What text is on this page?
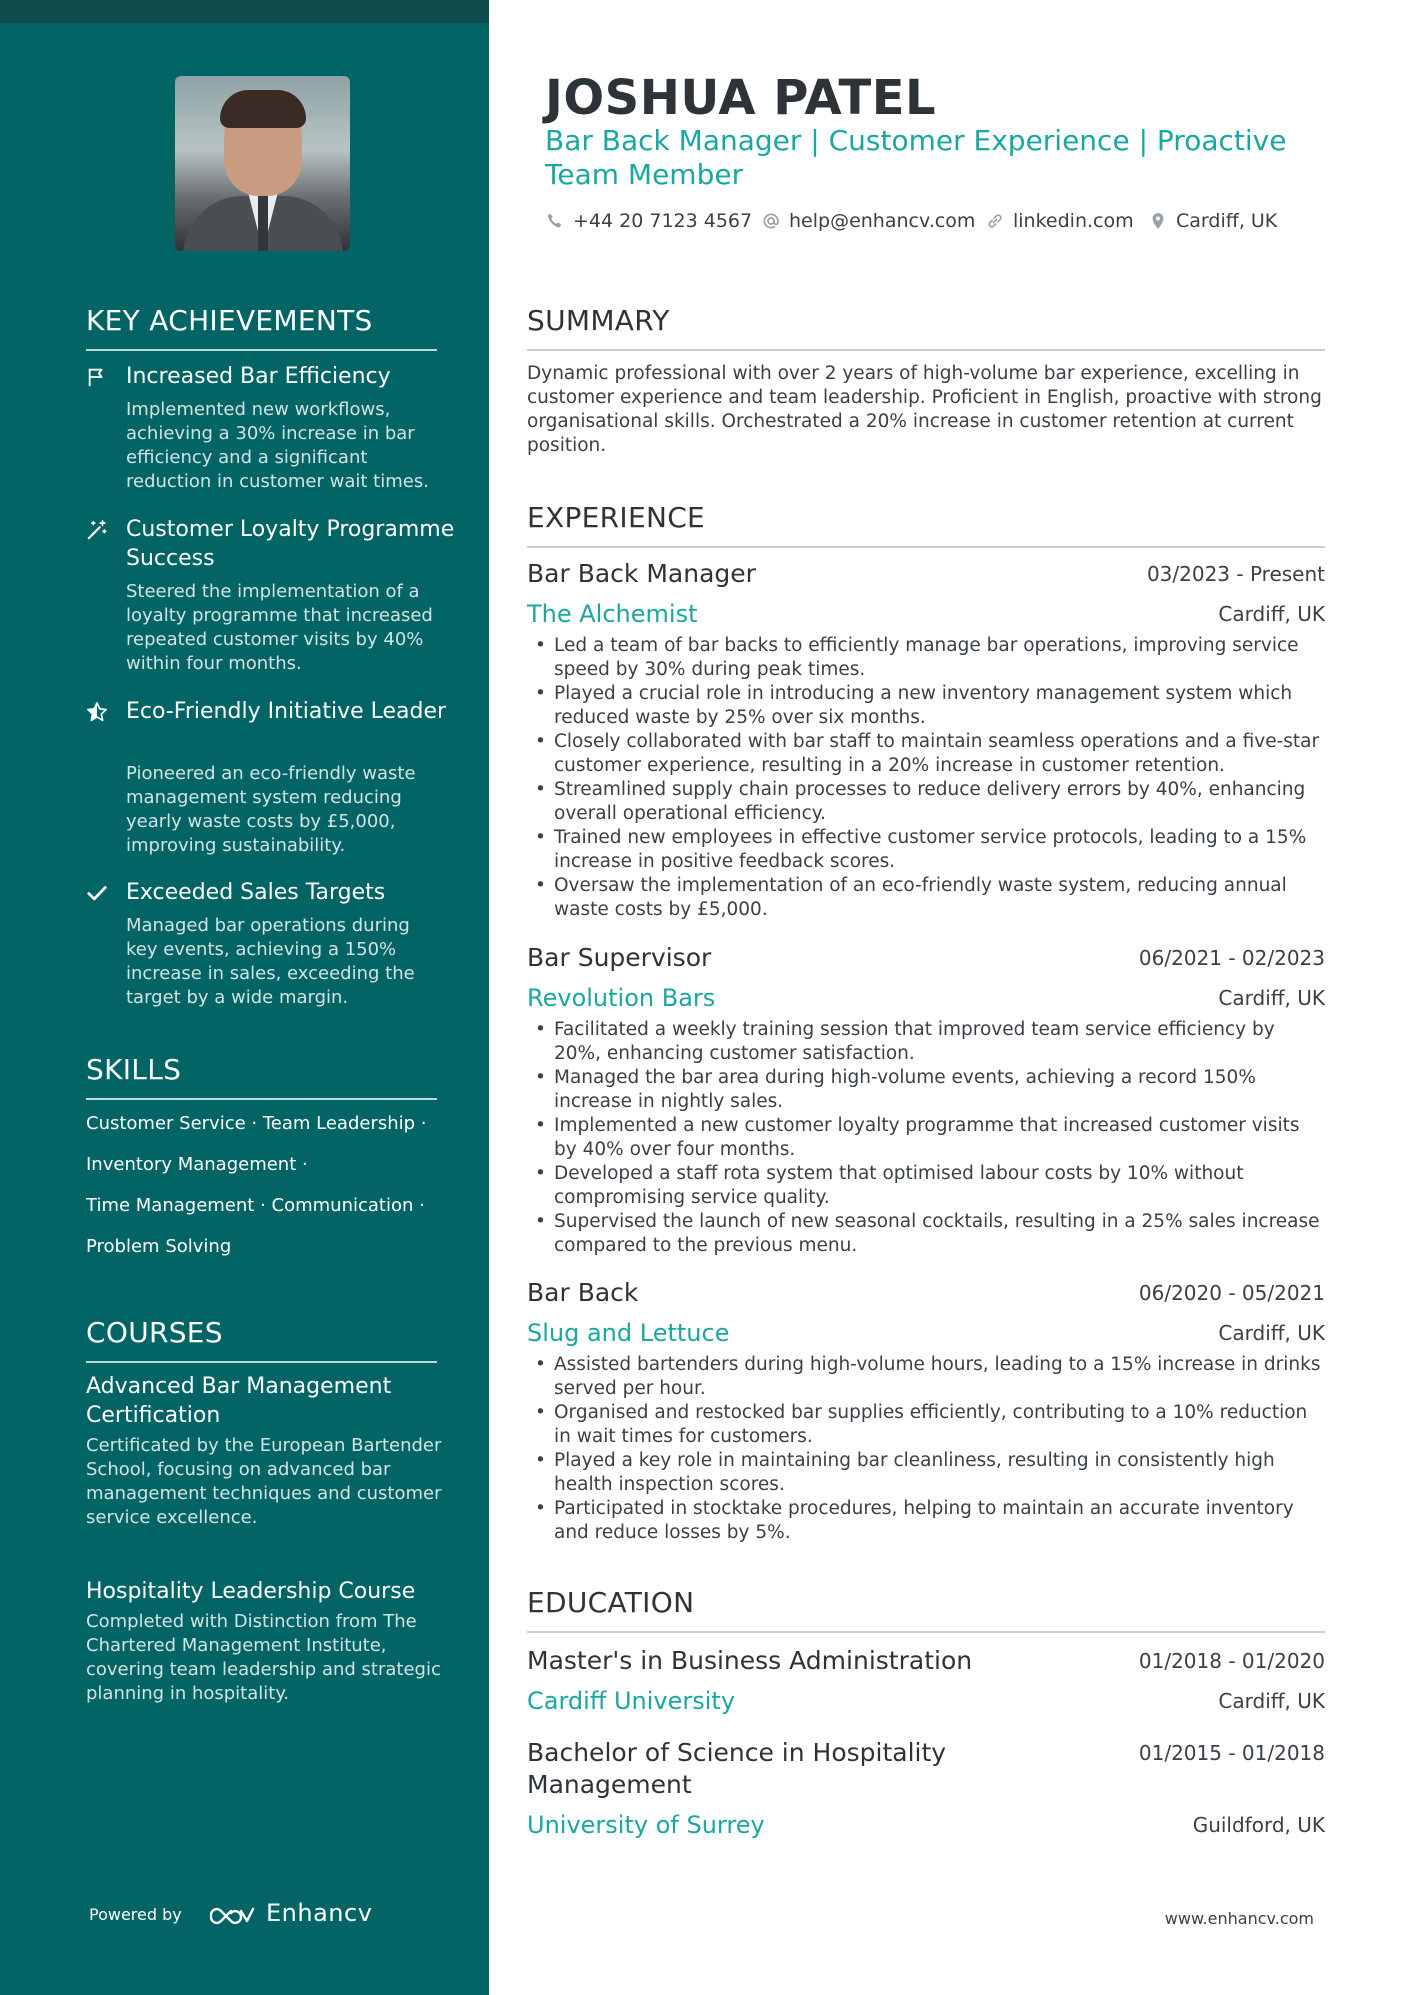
KEY ACHIEVEMENTS
Increased Bar Efficiency
Implemented new workflows, achieving a 30% increase in bar efficiency and a significant reduction in customer wait times.
Customer Loyalty Programme Success
Steered the implementation of a loyalty programme that increased repeated customer visits by 40% within four months.
Eco-Friendly Initiative Leader
Pioneered an eco-friendly waste management system reducing yearly waste costs by £5,000, improving sustainability.
Exceeded Sales Targets
Managed bar operations during key events, achieving a 150% increase in sales, exceeding the target by a wide margin.
SKILLS
Customer Service · Team Leadership ·
Inventory Management ·
Time Management · Communication ·
Problem Solving
COURSES
Advanced Bar Management Certification
Certificated by the European Bartender School, focusing on advanced bar management techniques and customer service excellence.
Hospitality Leadership Course
Completed with Distinction from The Chartered Management Institute, covering team leadership and strategic planning in hospitality.
Powered by	Enhancv
JOSHUA PATEL
Bar Back Manager | Customer Experience | Proactive Team Member
+44 20 7123 4567 help@enhancv.com linkedin.com Cardiff, UK
SUMMARY

Dynamic professional with over 2 years of high-volume bar experience, excelling in customer experience and team leadership. Proficient in English, proactive with strong organisational skills. Orchestrated a 20% increase in customer retention at current position.

EXPERIENCE
Bar Back Manager	03/2023 - Present
The Alchemist	Cardiff, UK
• Led a team of bar backs to efficiently manage bar operations, improving service speed by 30% during peak times.
• Played a crucial role in introducing a new inventory management system which reduced waste by 25% over six months.
• Closely collaborated with bar staff to maintain seamless operations and a five-star customer experience, resulting in a 20% increase in customer retention.
• Streamlined supply chain processes to reduce delivery errors by 40%, enhancing overall operational efficiency.
• Trained new employees in effective customer service protocols, leading to a 15% increase in positive feedback scores.
• Oversaw the implementation of an eco-friendly waste system, reducing annual waste costs by £5,000.
Bar Supervisor	06/2021 - 02/2023
Revolution Bars	Cardiff, UK
• Facilitated a weekly training session that improved team service efficiency by 20%, enhancing customer satisfaction.
• Managed the bar area during high-volume events, achieving a record 150% increase in nightly sales.
• Implemented a new customer loyalty programme that increased customer visits by 40% over four months.
• Developed a staff rota system that optimised labour costs by 10% without compromising service quality.
• Supervised the launch of new seasonal cocktails, resulting in a 25% sales increase compared to the previous menu.
Bar Back	06/2020 - 05/2021
Slug and Lettuce	Cardiff, UK
• Assisted bartenders during high-volume hours, leading to a 15% increase in drinks served per hour.
• Organised and restocked bar supplies efficiently, contributing to a 10% reduction in wait times for customers.
• Played a key role in maintaining bar cleanliness, resulting in consistently high health inspection scores.
• Participated in stocktake procedures, helping to maintain an accurate inventory and reduce losses by 5%.
EDUCATION
Master's in Business Administration	01/2018 - 01/2020
Cardiff University	Cardiff, UK
Bachelor of Science in Hospitality Management
01/2015 - 01/2018
University of Surrey	Guildford, UK
www.enhancv.com
